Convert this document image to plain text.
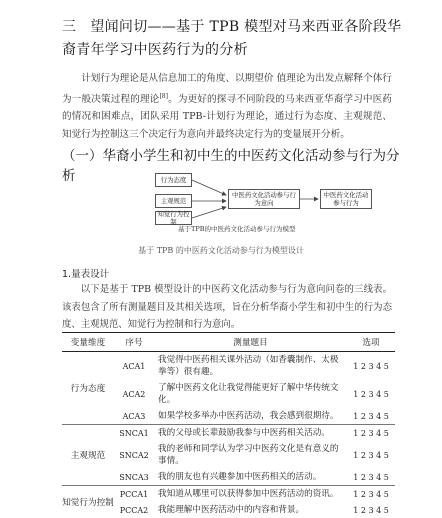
三 望闻问切——基于 TPB 模型对马来西亚各阶段华裔青年学习中医药行为的分析

计划行为理论是从信息加工的角度、以期望价 值理论为出发点解释个体行为一般决策过程的理论[8]。为更好的探寻不同阶段的马来西亚华裔学习中医药的情况和困难点，团队采用 TPB-计划行为理论，通过行为态度、主观规范、知觉行为控制这三个决定行为意向并最终决定行为的变量展开分析。

（一）华裔小学生和初中生的中医药文化活动参与行为分析	行为态度
主观规范
知觉行为控制
中医药文化活动参与行为意向
中医药文化活动参与行为
基于TPB的中医药文化活动参与行为模型
基于 TPB 的中医药文化活动参与行为模型设计
1.量表设计

以下是基于 TPB 模型设计的中医药文化活动参与行为意向问卷的三线表。该表包含了所有测量题目及其相关选项，旨在分析华裔小学生和初中生的行为态度、主观规范、知觉行为控制和行为意向。

变量维度	序号	测量题目	选项
行为态度	ACA1	我觉得中医药相关课外活动（如香囊制作、太极拳等）很有趣。	1 2 3 4 5
	ACA2	了解中医药文化让我觉得能更好了解中华传统文化。	1 2 3 4 5
	ACA3	如果学校多举办中医药活动，我会感到很期待。	1 2 3 4 5
主观规范	SNCA1	我的父母或长辈鼓励我参与中医药相关活动。	1 2 3 4 5
	SNCA2	我的老师和同学认为学习中医药文化是有意义的事情。	1 2 3 4 5
	SNCA3	我的朋友也有兴趣参加中医药相关的活动。	1 2 3 4 5
知觉行为控制	PCCA1	我知道从哪里可以获得参加中医药活动的资讯。	1 2 3 4 5
	PCCA2	我能理解中医药活动中的内容和背景。	1 2 3 4 5
